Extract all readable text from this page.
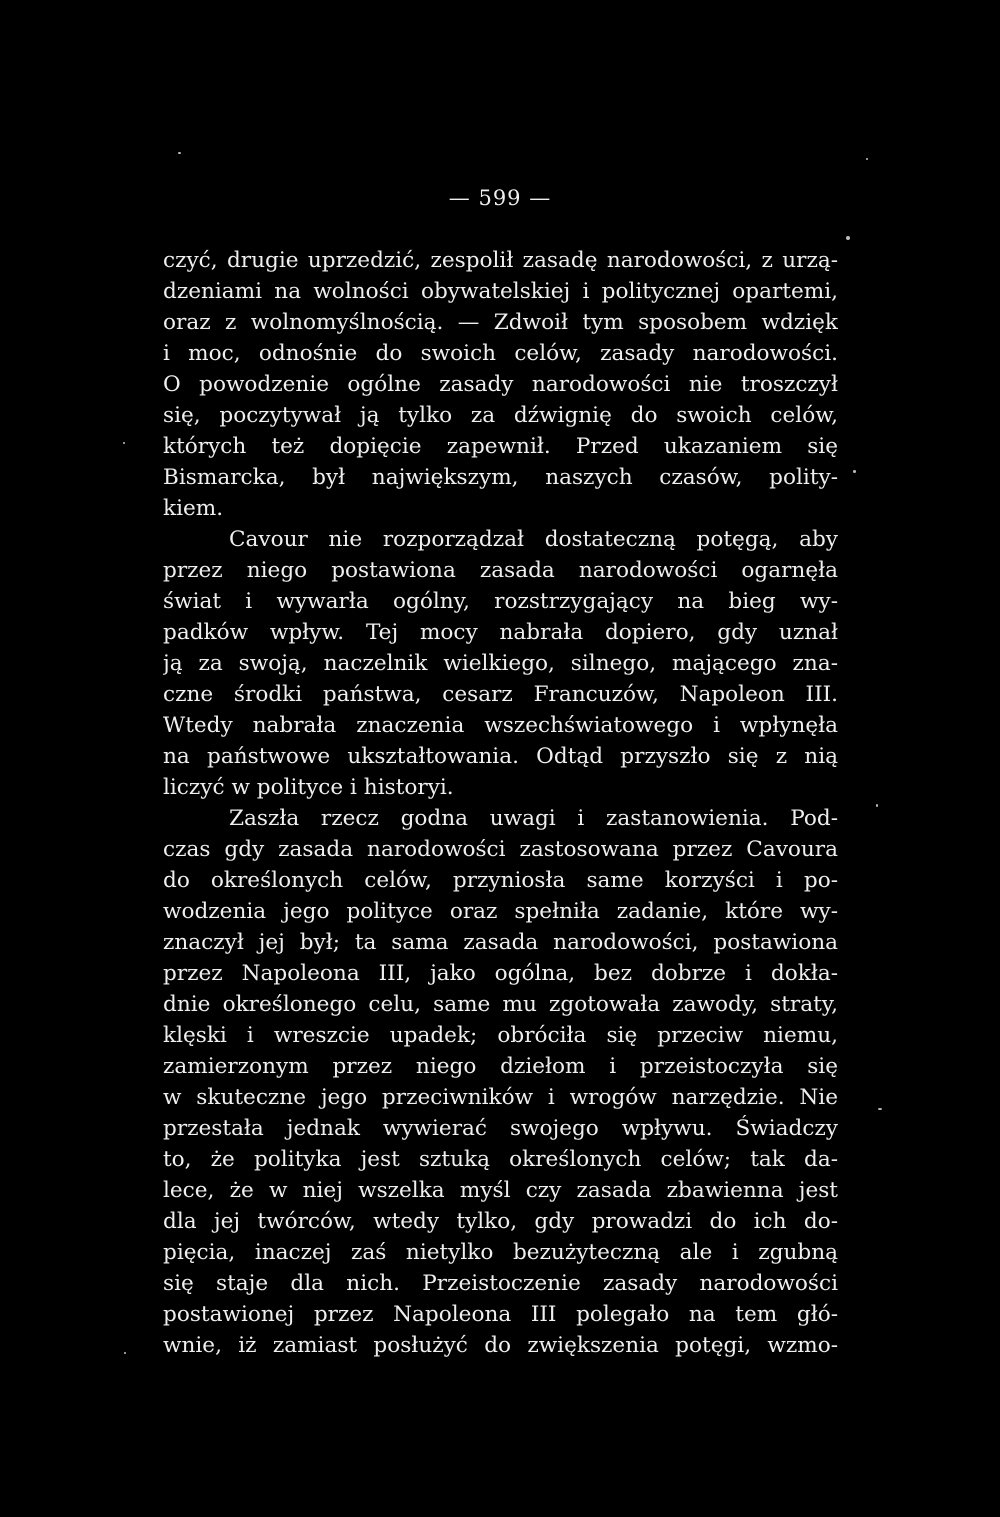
— 599 —
czyć, drugie uprzedzić, zespolił zasadę narodowości, z urzą-
dzeniami na wolności obywatelskiej i politycznej opartemi,
oraz z wolnomyślnością. — Zdwoił tym sposobem wdzięk
i moc, odnośnie do swoich celów, zasady narodowości.
O powodzenie ogólne zasady narodowości nie troszczył
się, poczytywał ją tylko za dźwignię do swoich celów,
których też dopięcie zapewnił. Przed ukazaniem się
Bismarcka, był największym, naszych czasów, polity-
kiem.
Cavour nie rozporządzał dostateczną potęgą, aby
przez niego postawiona zasada narodowości ogarnęła
świat i wywarła ogólny, rozstrzygający na bieg wy-
padków wpływ. Tej mocy nabrała dopiero, gdy uznał
ją za swoją, naczelnik wielkiego, silnego, mającego zna-
czne środki państwa, cesarz Francuzów, Napoleon III.
Wtedy nabrała znaczenia wszechświatowego i wpłynęła
na państwowe ukształtowania. Odtąd przyszło się z nią
liczyć w polityce i historyi.
Zaszła rzecz godna uwagi i zastanowienia. Pod-
czas gdy zasada narodowości zastosowana przez Cavoura
do określonych celów, przyniosła same korzyści i po-
wodzenia jego polityce oraz spełniła zadanie, które wy-
znaczył jej był; ta sama zasada narodowości, postawiona
przez Napoleona III, jako ogólna, bez dobrze i dokła-
dnie określonego celu, same mu zgotowała zawody, straty,
klęski i wreszcie upadek; obróciła się przeciw niemu,
zamierzonym przez niego dziełom i przeistoczyła się
w skuteczne jego przeciwników i wrogów narzędzie. Nie
przestała jednak wywierać swojego wpływu. Świadczy
to, że polityka jest sztuką określonych celów; tak da-
lece, że w niej wszelka myśl czy zasada zbawienna jest
dla jej twórców, wtedy tylko, gdy prowadzi do ich do-
pięcia, inaczej zaś nietylko bezużyteczną ale i zgubną
się staje dla nich. Przeistoczenie zasady narodowości
postawionej przez Napoleona III polegało na tem głó-
wnie, iż zamiast posłużyć do zwiększenia potęgi, wzmo-
